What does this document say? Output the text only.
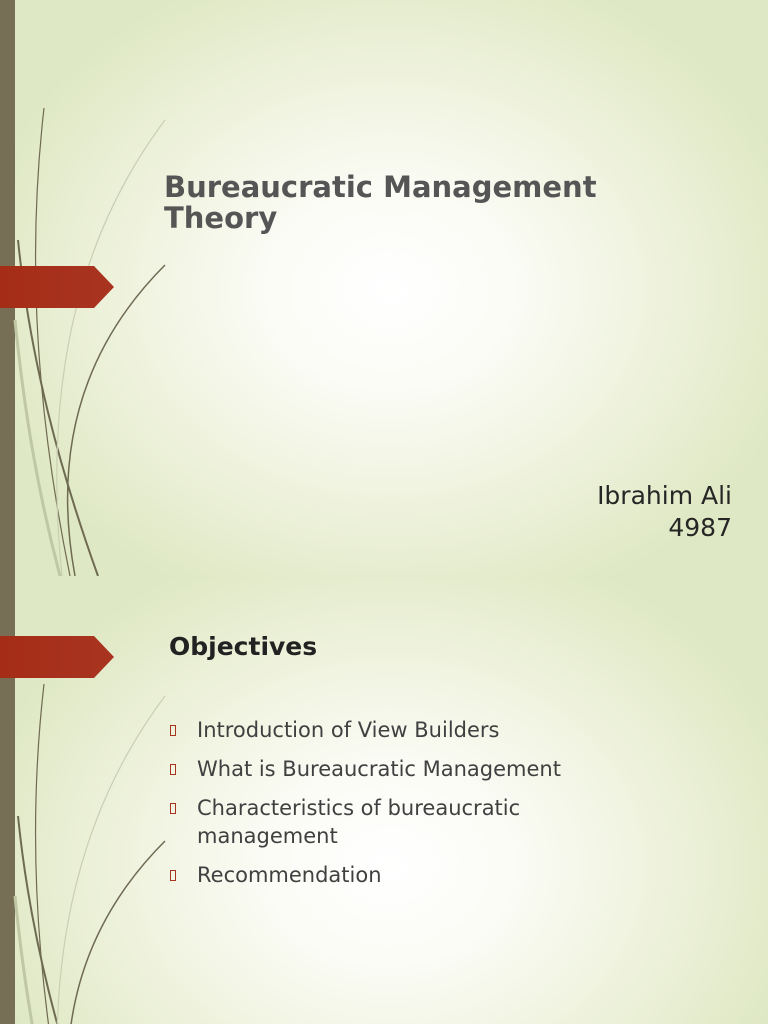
Bureaucratic Management Theory
Ibrahim Ali
4987
Objectives
Introduction of View Builders
What is Bureaucratic Management
Characteristics of bureaucratic management
Recommendation
